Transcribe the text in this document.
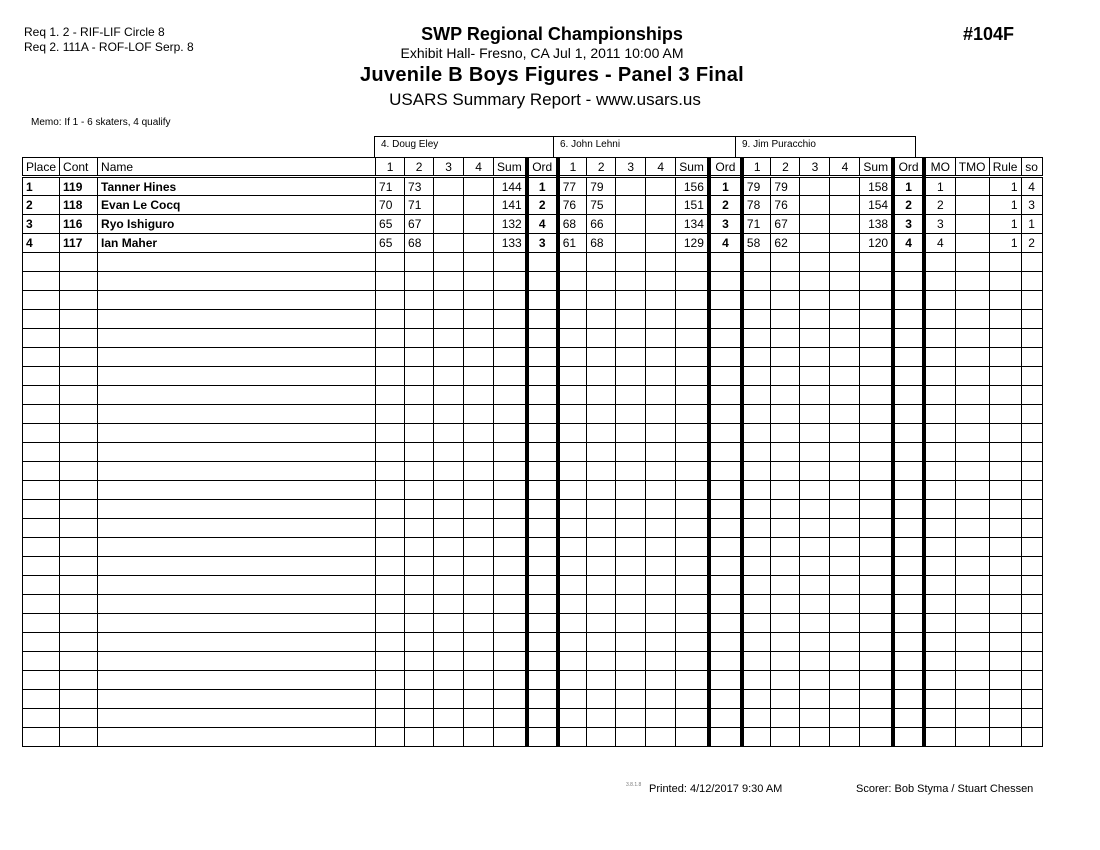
Req 1. 2 - RIF-LIF Circle 8
Req 2. 111A - ROF-LOF Serp. 8
SWP Regional Championships
Exhibit Hall- Fresno, CA Jul 1, 2011 10:00 AM
Juvenile B Boys Figures - Panel 3 Final
USARS Summary Report - www.usars.us
#104F
Memo: If 1 - 6 skaters, 4 qualify
4. Doug Eley	6. John Lehni	9. Jim Puracchio
Place	Cont	Name	1	2	3	4	Sum	Ord	1	2	3	4	Sum	Ord	1	2	3	4	Sum	Ord	MO	TMO	Rule	so
1	119	Tanner Hines	71	73			144	1	77	79			156	1	79	79			158	1	1		1	4
2	118	Evan Le Cocq	70	71			141	2	76	75			151	2	78	76			154	2	2		1	3
3	116	Ryo Ishiguro	65	67			132	4	68	66			134	3	71	67			138	3	3		1	1
4	117	Ian Maher	65	68			133	3	61	68			129	4	58	62			120	4	4		1	2

3.8.1.8 Printed: 4/12/2017 9:30 AM	Scorer: Bob Styma / Stuart Chessen
